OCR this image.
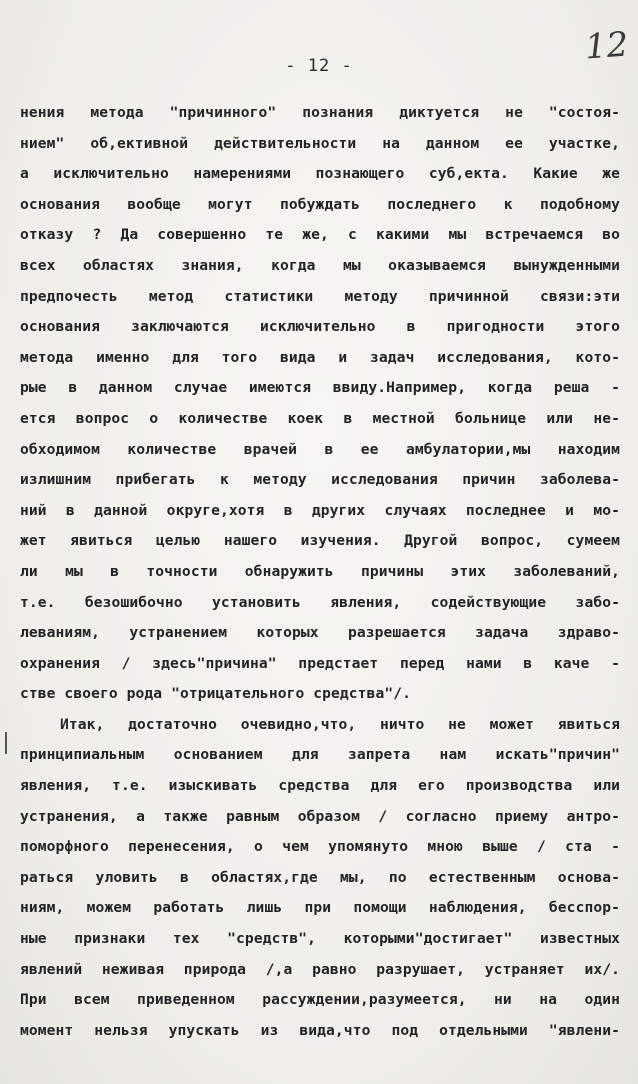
12
- 12 -
нения метода "причинного" познания диктуется не "состоя-
нием" об,ективной действительности на данном ее участке,
а исключительно намерениями познающего суб,екта. Какие же
основания вообще могут побуждать последнего к подобному
отказу ? Да совершенно те же, с какими мы встречаемся во
всех областях знания, когда мы оказываемся вынужденными
предпочесть метод статистики методу причинной связи:эти
основания заключаются исключительно в пригодности этого
метода именно для того вида и задач исследования, кото-
рые в данном случае имеются ввиду.Например, когда реша -
ется вопрос о количестве коек в местной больнице или не-
обходимом количестве врачей в ее амбулатории,мы находим
излишним прибегать к методу исследования причин заболева-
ний в данной округе,хотя в других случаях последнее и мо-
жет явиться целью нашего изучения. Другой вопрос, сумеем
ли мы в точности обнаружить причины этих заболеваний,
т.е. безошибочно установить явления, содействующие забо-
леваниям, устранением которых разрешается задача здраво-
охранения / здесь"причина" предстает перед нами в каче -
стве своего рода "отрицательного средства"/.
Итак, достаточно очевидно,что, ничто не может явиться
принципиальным основанием для запрета нам искать"причин"
явления, т.е. изыскивать средства для его производства или
устранения, а также равным образом / согласно приему антро-
поморфного перенесения, о чем упомянуто мною выше / ста -
раться уловить в областях,где мы, по естественным основа-
ниям, можем работать лишь при помощи наблюдения, бесспор-
ные признаки тех "средств", которыми"достигает" известных
явлений неживая природа /,а равно разрушает, устраняет их/.
При всем приведенном рассуждении,разумеется, ни на один
момент нельзя упускать из вида,что под отдельными "явлени-
